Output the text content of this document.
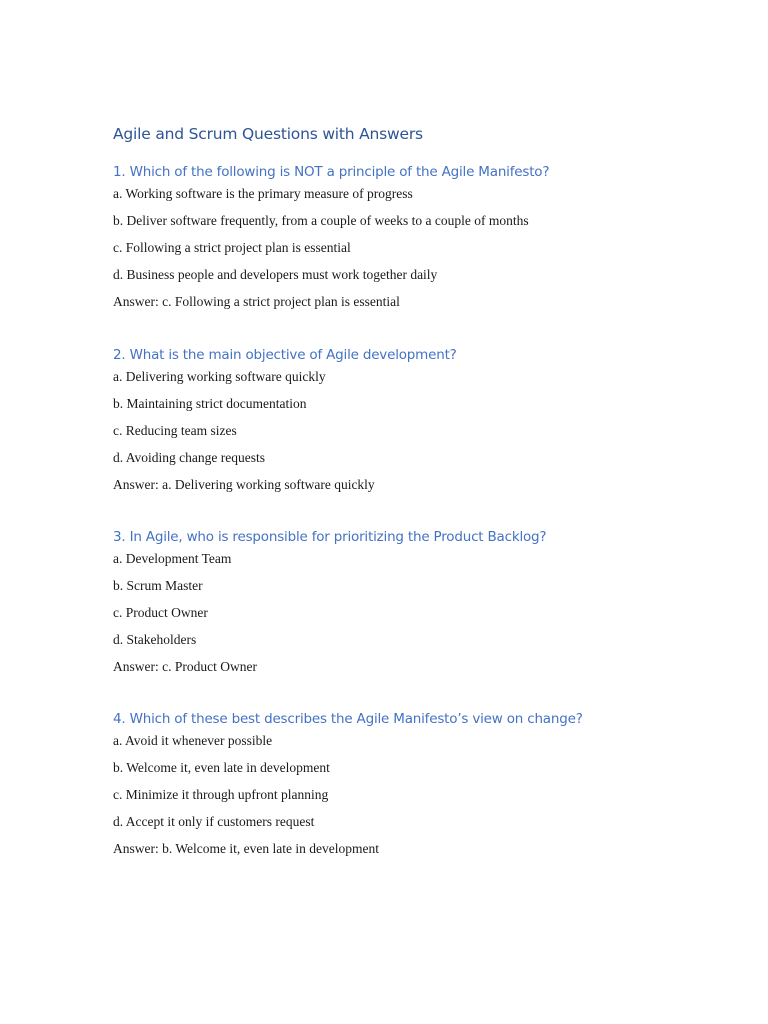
Agile and Scrum Questions with Answers
1. Which of the following is NOT a principle of the Agile Manifesto?

a. Working software is the primary measure of progress

b. Deliver software frequently, from a couple of weeks to a couple of months

c. Following a strict project plan is essential

d. Business people and developers must work together daily

Answer: c. Following a strict project plan is essential

2. What is the main objective of Agile development?

a. Delivering working software quickly

b. Maintaining strict documentation

c. Reducing team sizes

d. Avoiding change requests

Answer: a. Delivering working software quickly

3. In Agile, who is responsible for prioritizing the Product Backlog?

a. Development Team

b. Scrum Master

c. Product Owner

d. Stakeholders

Answer: c. Product Owner

4. Which of these best describes the Agile Manifesto’s view on change?

a. Avoid it whenever possible

b. Welcome it, even late in development

c. Minimize it through upfront planning

d. Accept it only if customers request

Answer: b. Welcome it, even late in development
